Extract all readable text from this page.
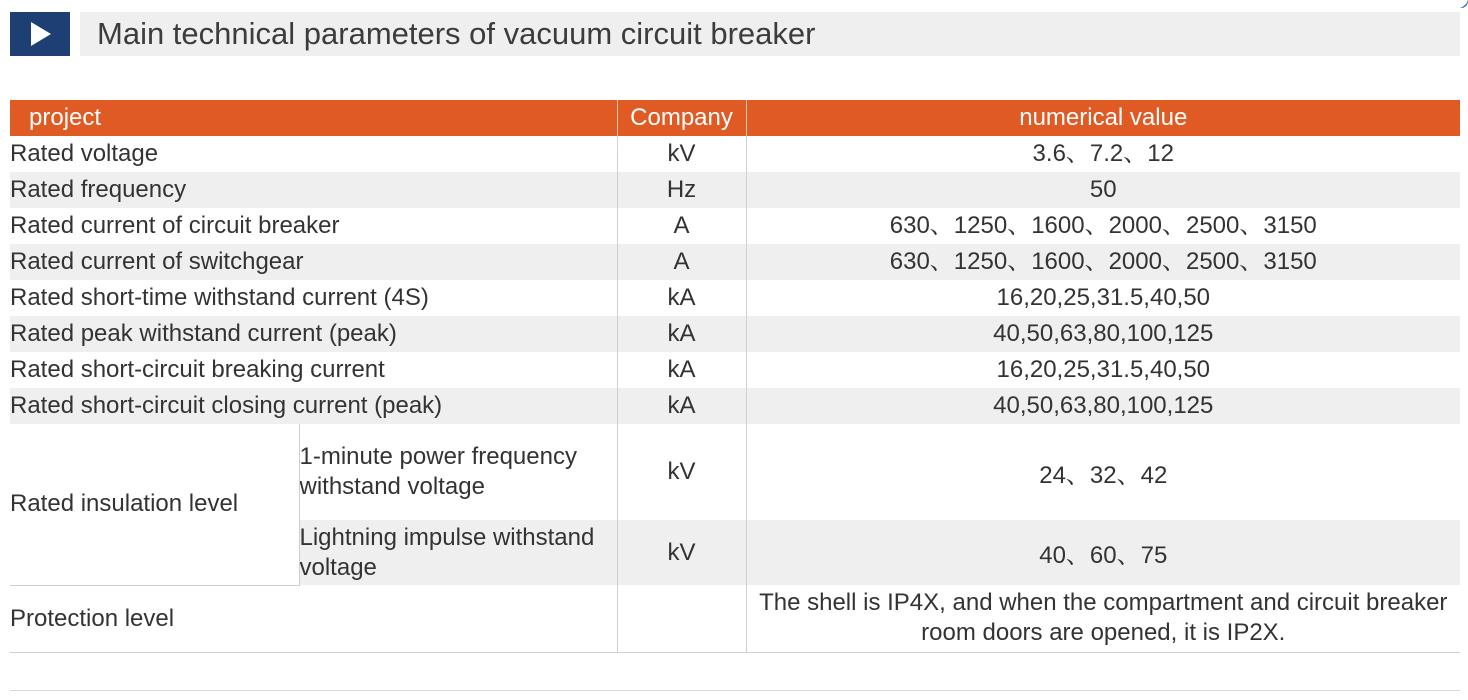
Main technical parameters of vacuum circuit breaker
project		Company	numerical value
Rated voltage		kV	3.6、7.2、12
Rated frequency		Hz	50
Rated current of circuit breaker		A	630、1250、1600、2000、2500、3150
Rated current of switchgear		A	630、1250、1600、2000、2500、3150
Rated short-time withstand current (4S)		kA	16,20,25,31.5,40,50
Rated peak withstand current (peak)		kA	40,50,63,80,100,125
Rated short-circuit breaking current		kA	16,20,25,31.5,40,50
Rated short-circuit closing current (peak)		kA	40,50,63,80,100,125
Rated insulation level	1-minute power frequency withstand voltage	kV	24、32、42
	Lightning impulse withstand voltage	kV	40、60、75
Protection level			The shell is IP4X, and when the compartment and circuit breaker room doors are opened, it is IP2X.
